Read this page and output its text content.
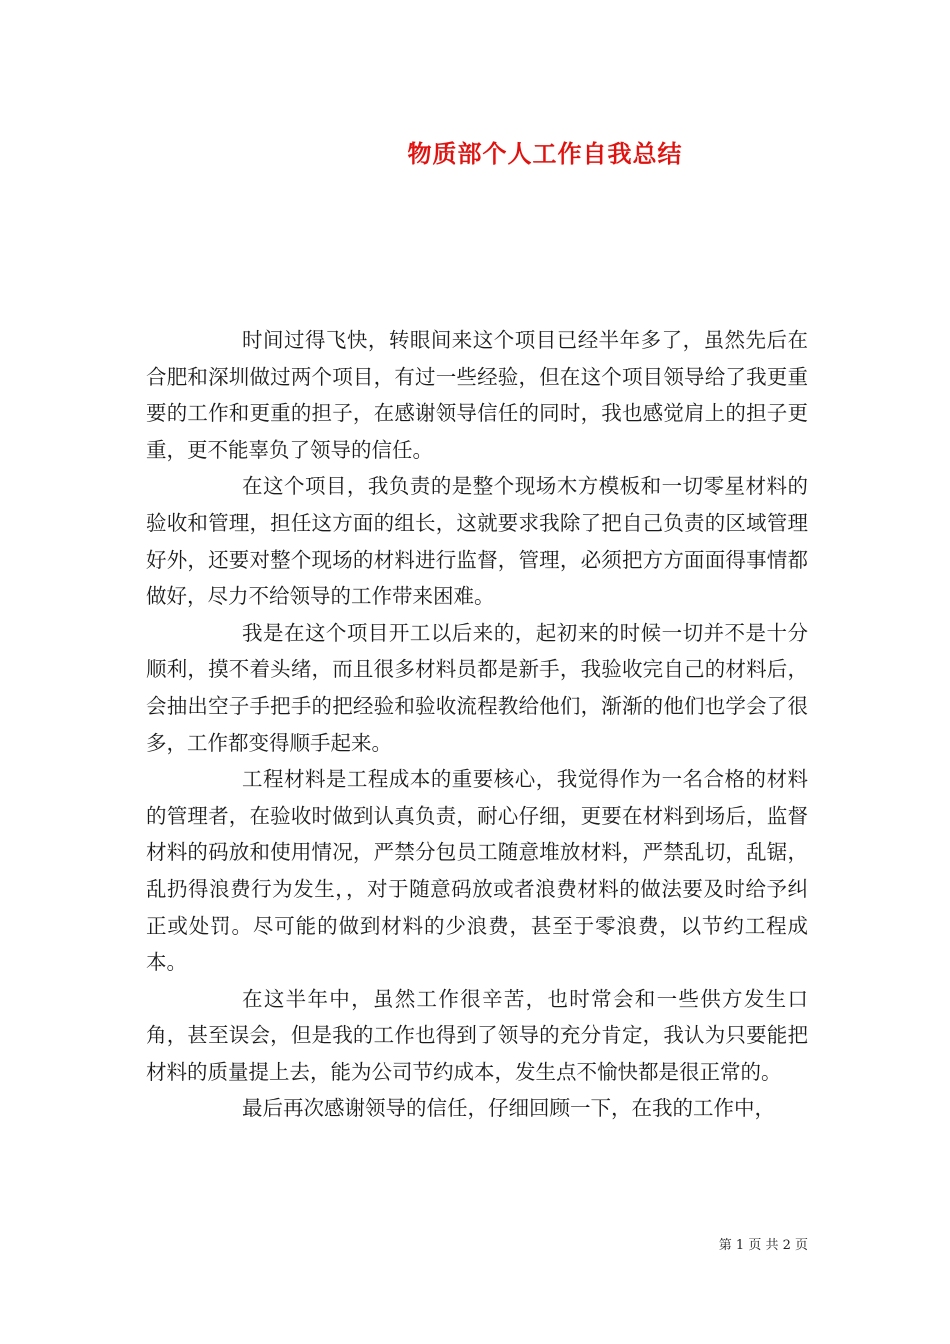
物质部个人工作自我总结

时间过得飞快，转眼间来这个项目已经半年多了，虽然先后在合肥和深圳做过两个项目，有过一些经验，但在这个项目领导给了我更重要的工作和更重的担子，在感谢领导信任的同时，我也感觉肩上的担子更重，更不能辜负了领导的信任。

在这个项目，我负责的是整个现场木方模板和一切零星材料的验收和管理，担任这方面的组长，这就要求我除了把自己负责的区域管理好外，还要对整个现场的材料进行监督，管理，必须把方方面面得事情都做好，尽力不给领导的工作带来困难。

我是在这个项目开工以后来的，起初来的时候一切并不是十分顺利，摸不着头绪，而且很多材料员都是新手，我验收完自己的材料后，会抽出空子手把手的把经验和验收流程教给他们，渐渐的他们也学会了很多，工作都变得顺手起来。

工程材料是工程成本的重要核心，我觉得作为一名合格的材料的管理者，在验收时做到认真负责，耐心仔细，更要在材料到场后，监督材料的码放和使用情况，严禁分包员工随意堆放材料，严禁乱切，乱锯，乱扔得浪费行为发生，，对于随意码放或者浪费材料的做法要及时给予纠正或处罚。尽可能的做到材料的少浪费，甚至于零浪费，以节约工程成本。

在这半年中，虽然工作很辛苦，也时常会和一些供方发生口角，甚至误会，但是我的工作也得到了领导的充分肯定，我认为只要能把材料的质量提上去，能为公司节约成本，发生点不愉快都是很正常的。

最后再次感谢领导的信任，仔细回顾一下，在我的工作中，

第 1 页 共 2 页
